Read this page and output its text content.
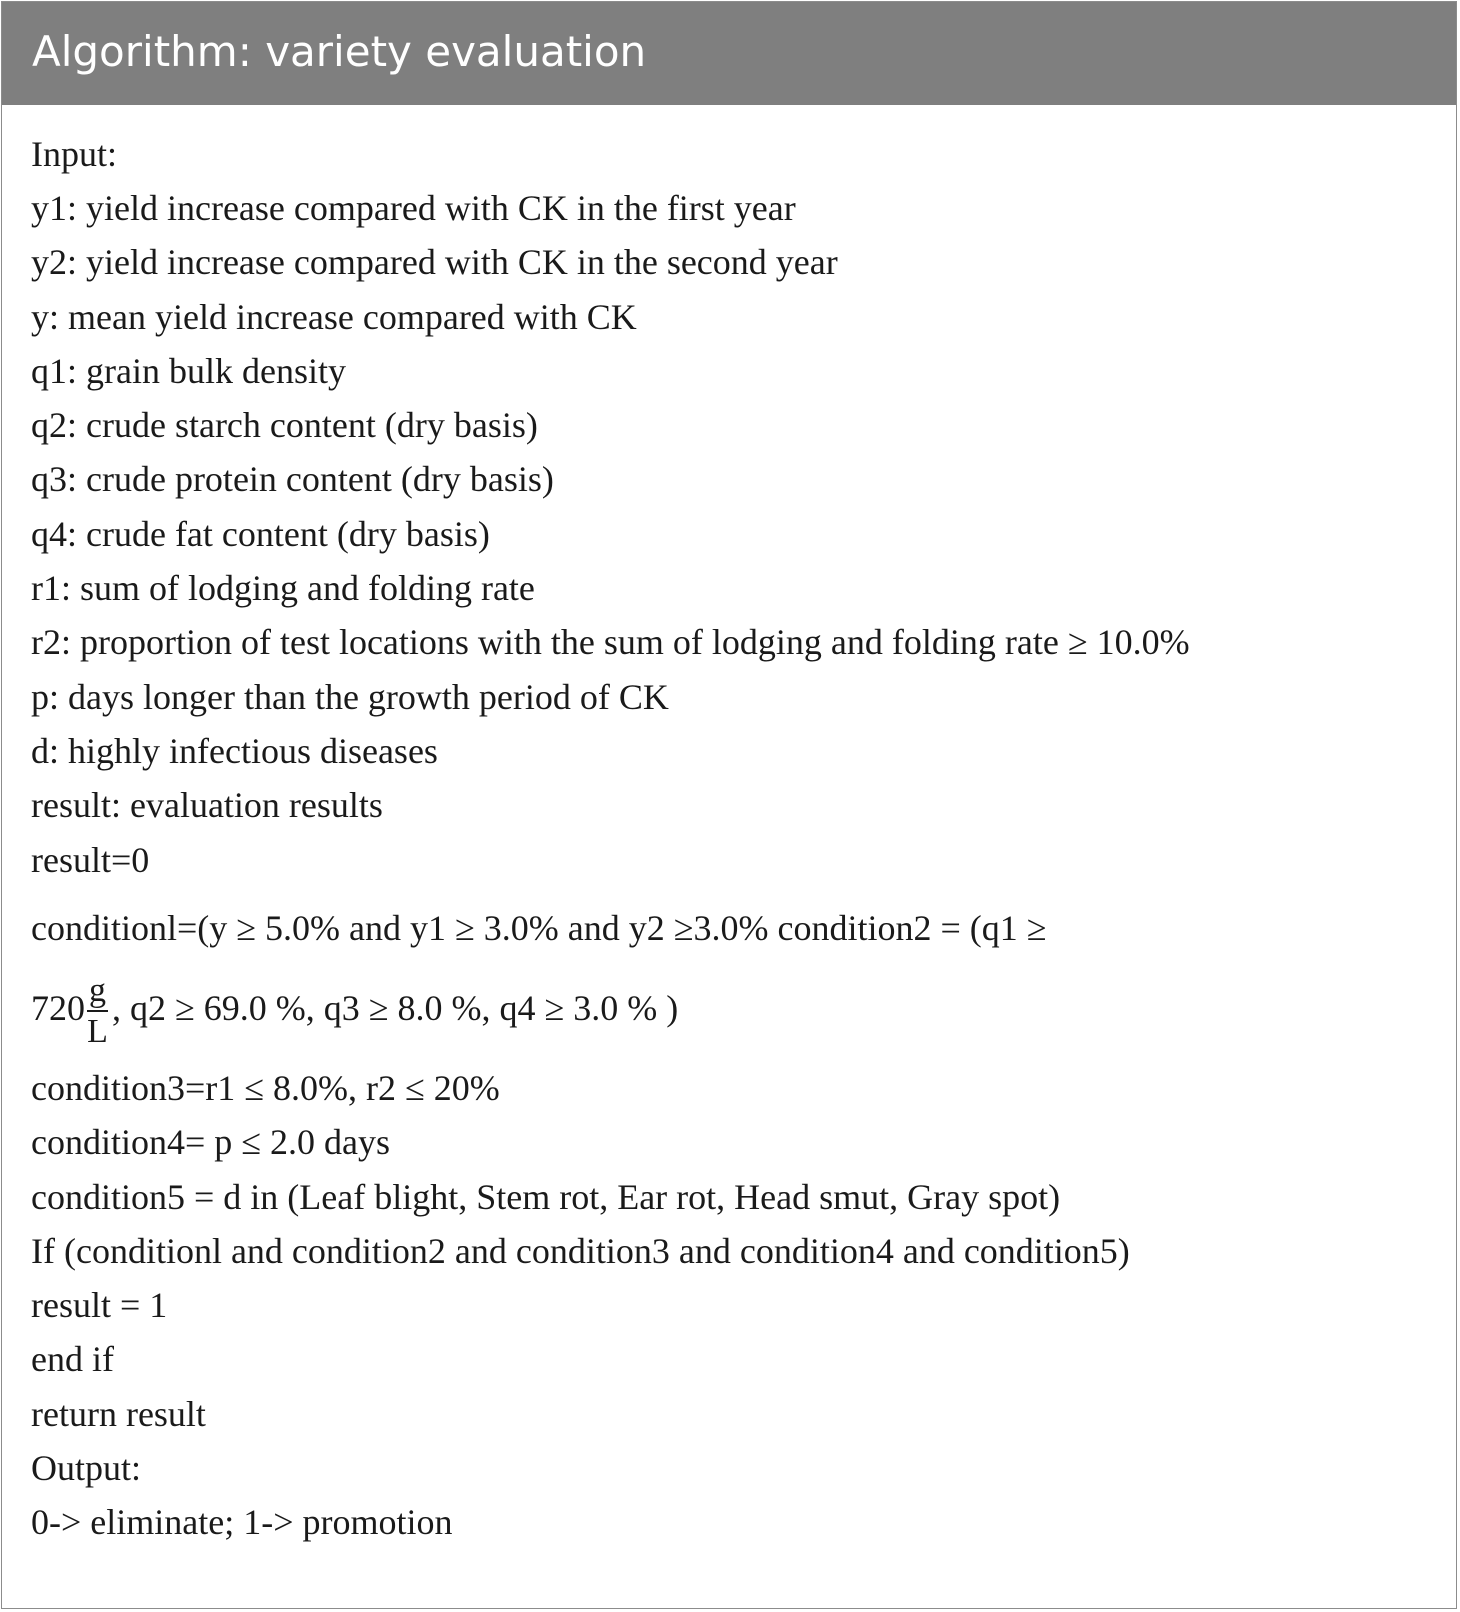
Algorithm: variety evaluation
Input:
y1: yield increase compared with CK in the first year
y2: yield increase compared with CK in the second year
y: mean yield increase compared with CK
q1: grain bulk density
q2: crude starch content (dry basis)
q3: crude protein content (dry basis)
q4: crude fat content (dry basis)
r1: sum of lodging and folding rate
r2: proportion of test locations with the sum of lodging and folding rate ≥ 10.0%
p: days longer than the growth period of CK
d: highly infectious diseases
result: evaluation results
result=0
conditionl=(y ≥ 5.0% and y1 ≥ 3.0% and y2 ≥3.0% condition2 = (q1 ≥
$720 \frac{g}{L}$ , q2 ≥ 69.0 %, q3 ≥ 8.0 %, q4 ≥ 3.0 % )
condition3=r1 ≤ 8.0%, r2 ≤ 20%
condition4= p ≤ 2.0 days
condition5 = d in (Leaf blight, Stem rot, Ear rot, Head smut, Gray spot)
If (conditionl and condition2 and condition3 and condition4 and condition5)
result = 1
end if
return result
Output:
0-> eliminate; 1-> promotion
